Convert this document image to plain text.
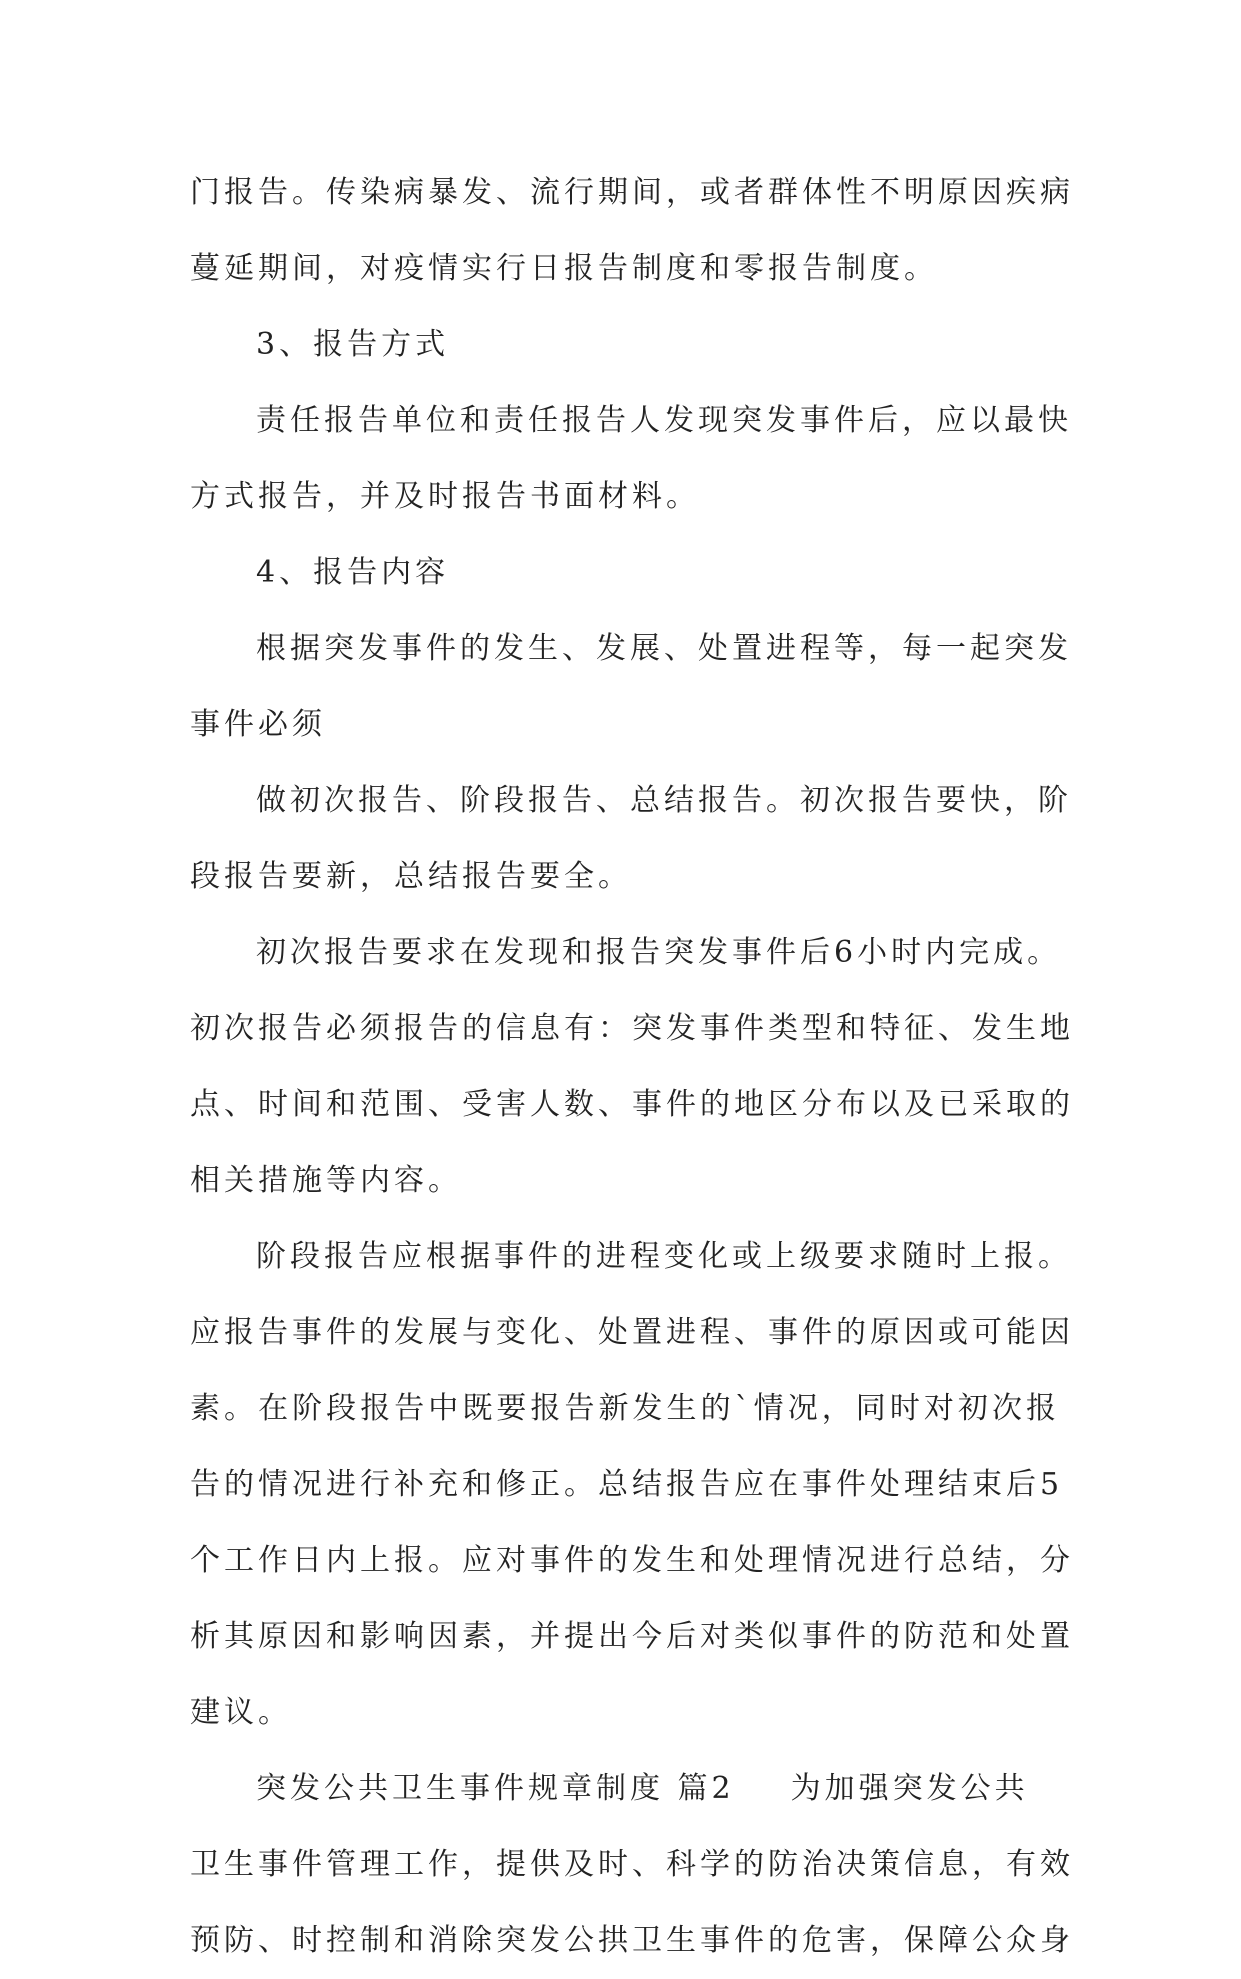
门报告。传染病暴发、流行期间，或者群体性不明原因疾病
蔓延期间，对疫情实行日报告制度和零报告制度。
3、报告方式
责任报告单位和责任报告人发现突发事件后，应以最快
方式报告，并及时报告书面材料。
4、报告内容
根据突发事件的发生、发展、处置进程等，每一起突发
事件必须
做初次报告、阶段报告、总结报告。初次报告要快，阶
段报告要新，总结报告要全。
初次报告要求在发现和报告突发事件后6小时内完成。
初次报告必须报告的信息有：突发事件类型和特征、发生地
点、时间和范围、受害人数、事件的地区分布以及已采取的
相关措施等内容。
阶段报告应根据事件的进程变化或上级要求随时上报。
应报告事件的发展与变化、处置进程、事件的原因或可能因
素。在阶段报告中既要报告新发生的`情况，同时对初次报
告的情况进行补充和修正。总结报告应在事件处理结束后5
个工作日内上报。应对事件的发生和处理情况进行总结，分
析其原因和影响因素，并提出今后对类似事件的防范和处置
建议。
突发公共卫生事件规章制度 篇2 为加强突发公共
卫生事件管理工作，提供及时、科学的防治决策信息，有效
预防、时控制和消除突发公拱卫生事件的危害，保障公众身
